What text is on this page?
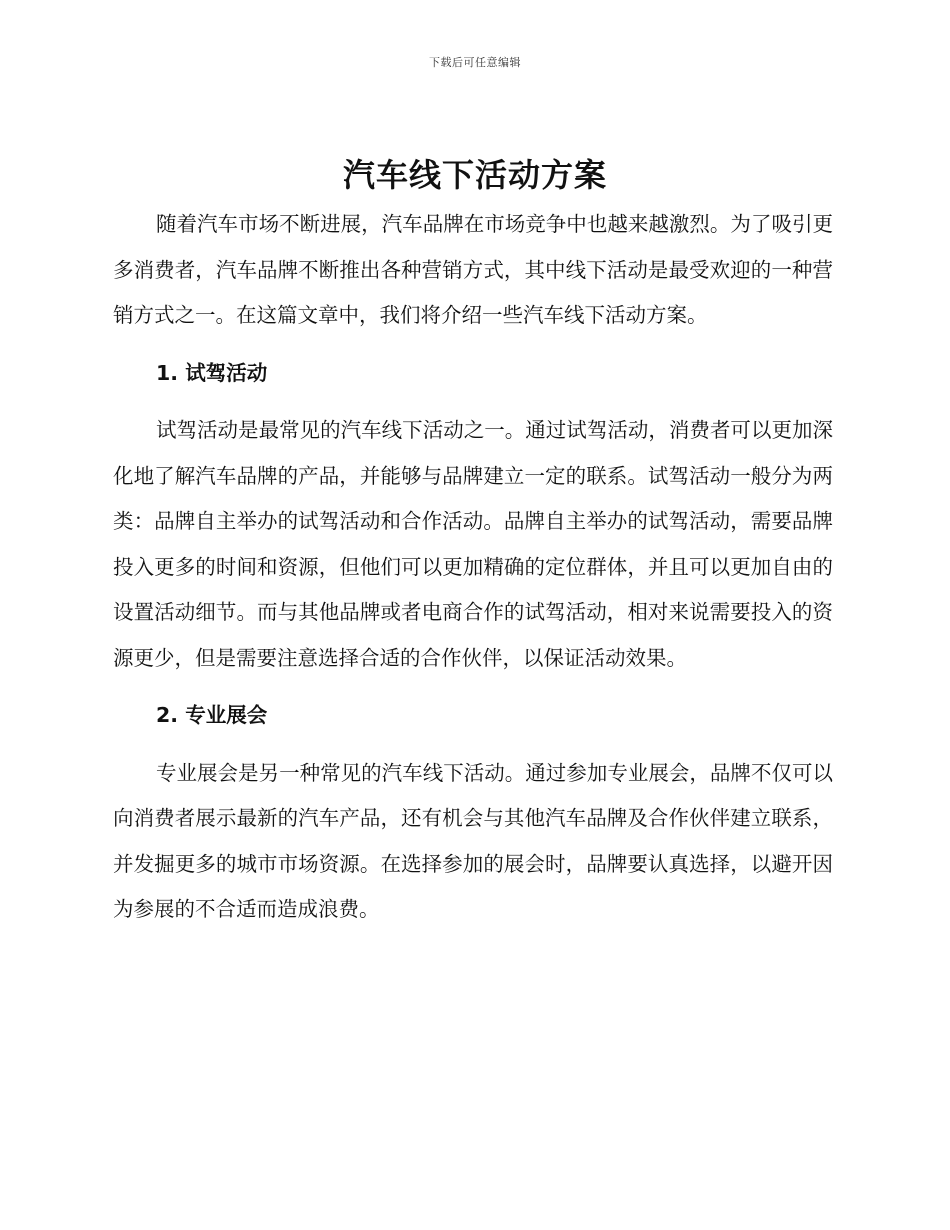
下载后可任意编辑
汽车线下活动方案

随着汽车市场不断进展，汽车品牌在市场竞争中也越来越激烈。为了吸引更多消费者，汽车品牌不断推出各种营销方式，其中线下活动是最受欢迎的一种营销方式之一。在这篇文章中，我们将介绍一些汽车线下活动方案。

1. 试驾活动

试驾活动是最常见的汽车线下活动之一。通过试驾活动，消费者可以更加深化地了解汽车品牌的产品，并能够与品牌建立一定的联系。试驾活动一般分为两类：品牌自主举办的试驾活动和合作活动。品牌自主举办的试驾活动，需要品牌投入更多的时间和资源，但他们可以更加精确的定位群体，并且可以更加自由的设置活动细节。而与其他品牌或者电商合作的试驾活动，相对来说需要投入的资源更少，但是需要注意选择合适的合作伙伴，以保证活动效果。

2. 专业展会

专业展会是另一种常见的汽车线下活动。通过参加专业展会，品牌不仅可以向消费者展示最新的汽车产品，还有机会与其他汽车品牌及合作伙伴建立联系，并发掘更多的城市市场资源。在选择参加的展会时，品牌要认真选择，以避开因为参展的不合适而造成浪费。
